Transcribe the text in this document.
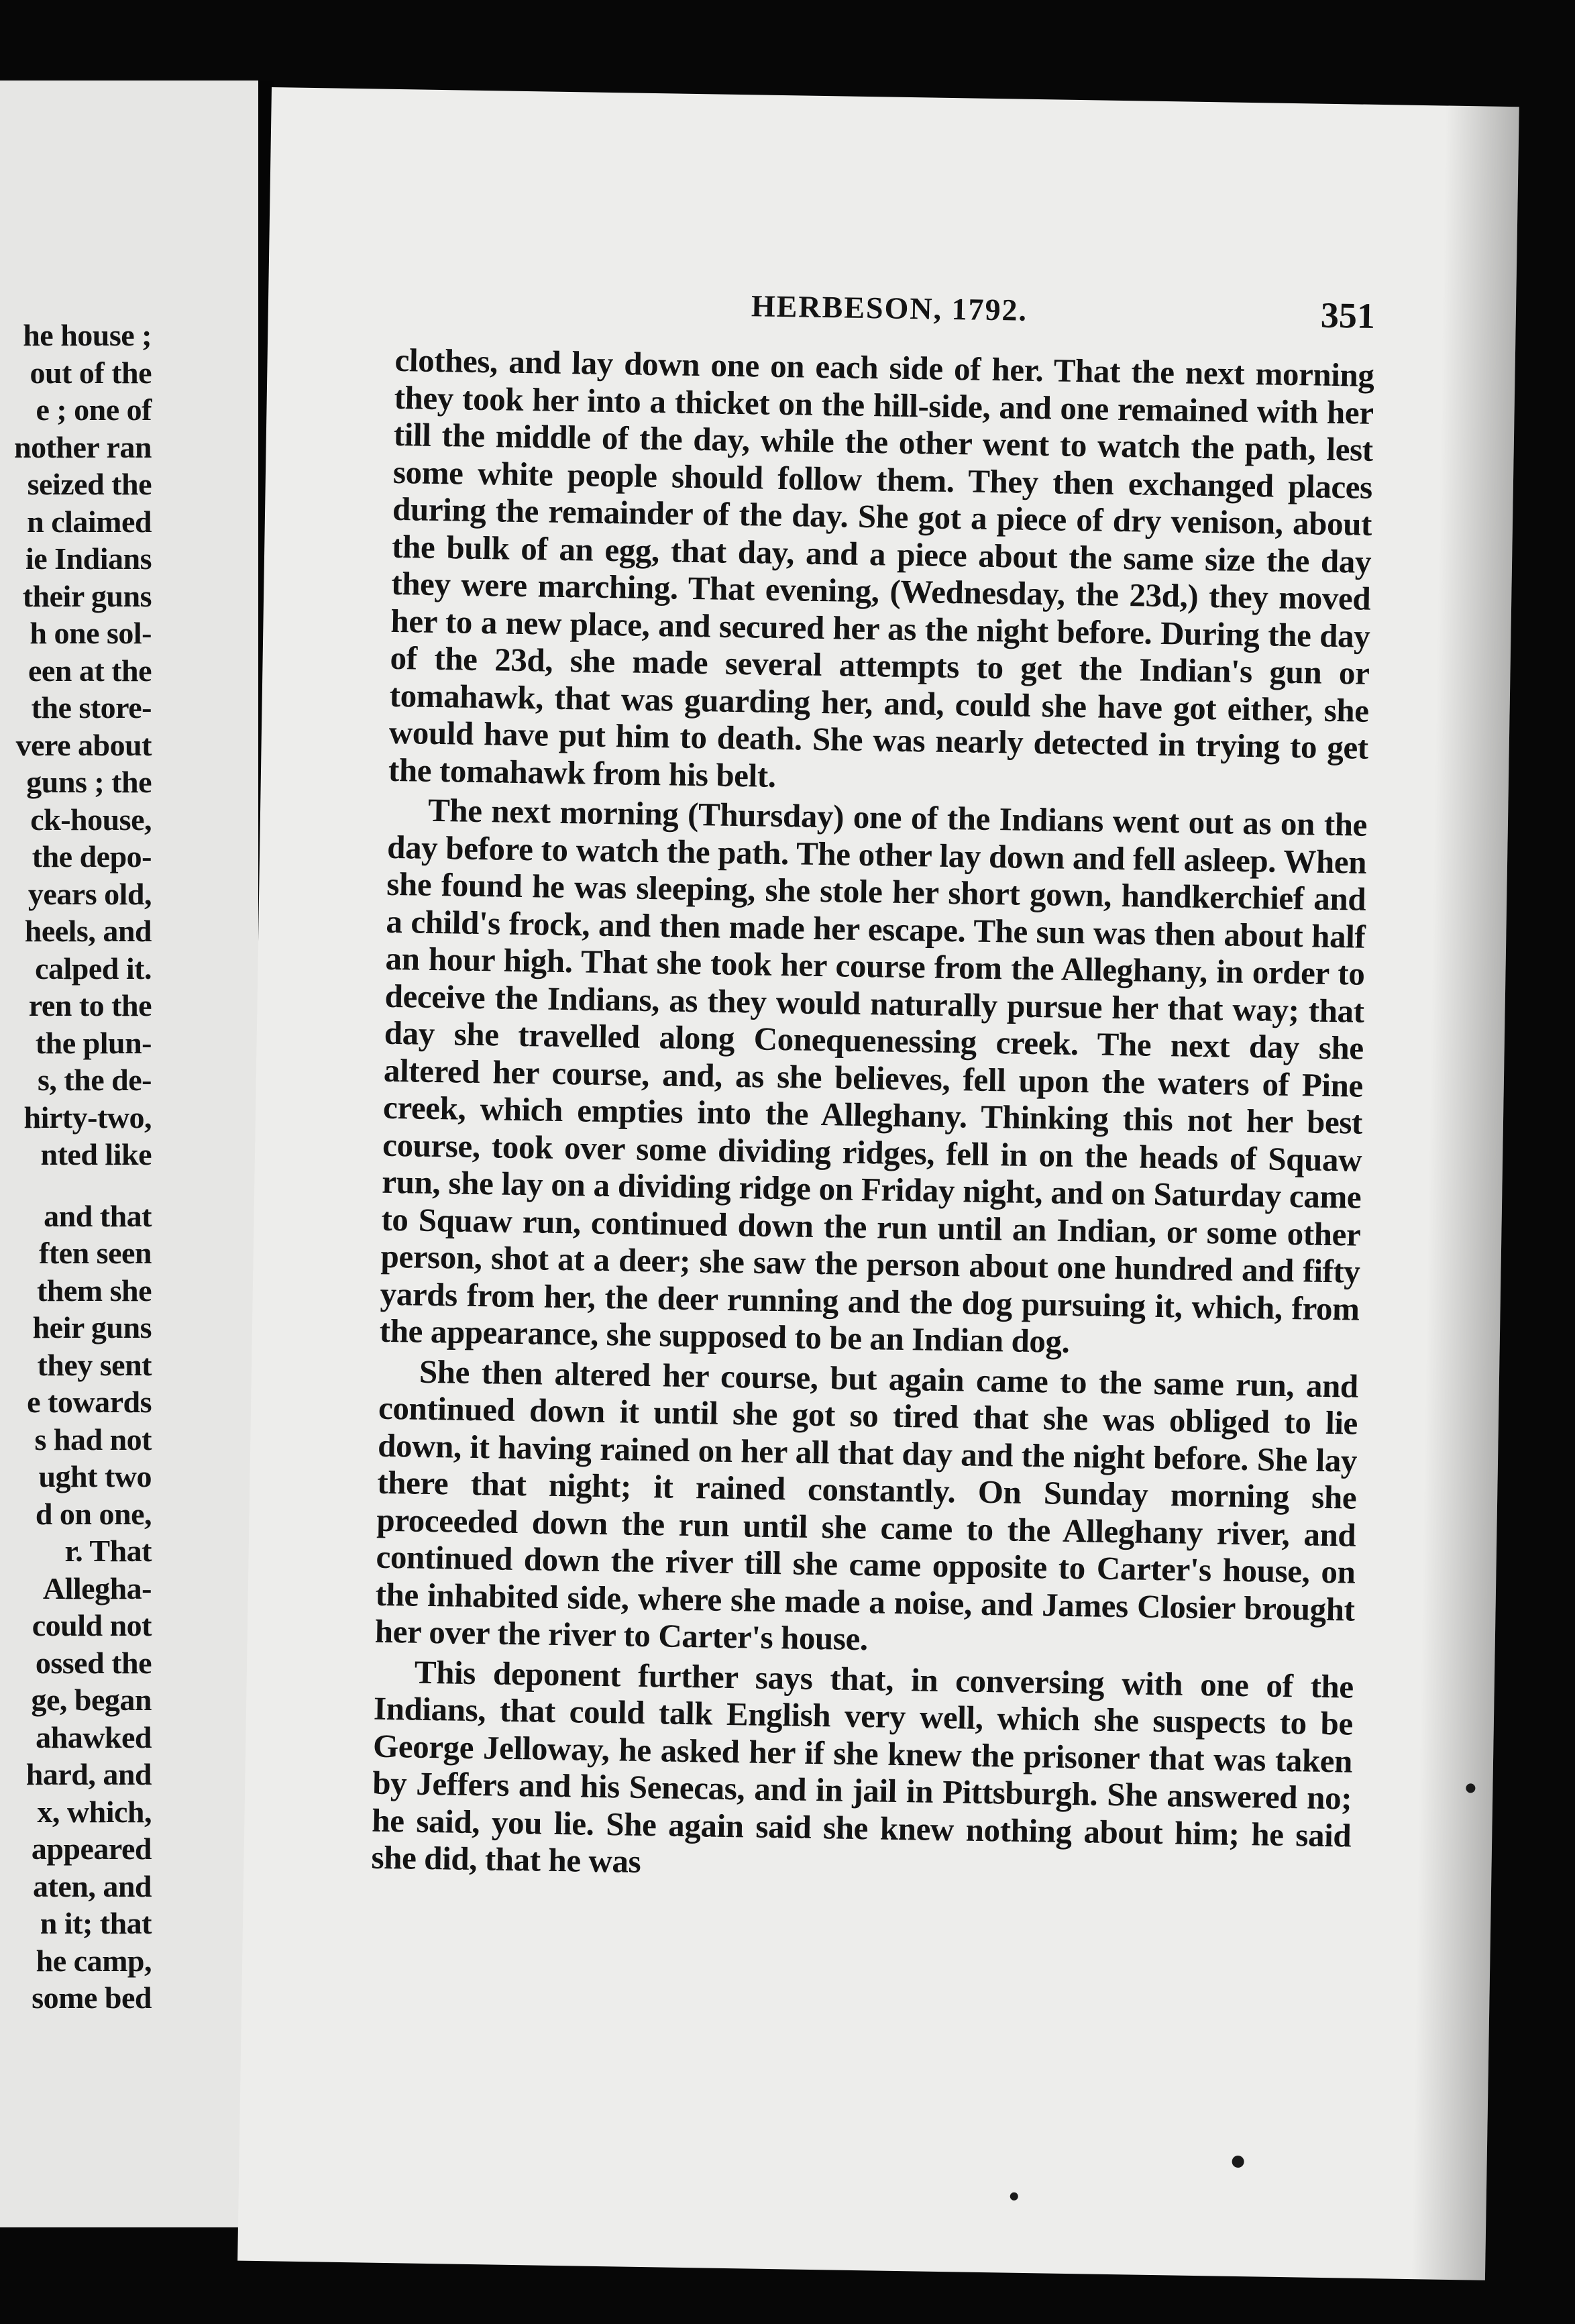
he house ;
out of the
e ; one of
nother ran
seized the
n claimed
ie Indians
their guns
h one sol-
een at the
the store-
vere about
guns ; the
ck-house,
the depo-
years old,
heels, and
calped it.
ren to the
the plun-
s, the de-
hirty-two,
nted like
and that
ften seen
them she
heir guns
they sent
e towards
s had not
ught two
d on one,
r. That
Allegha-
could not
ossed the
ge, began
ahawked
hard, and
x, which,
appeared
aten, and
n it; that
he camp,
some bed
HERBESON, 1792.	351

clothes, and lay down one on each side of her. That the next morning they took her into a thicket on the hill-side, and one remained with her till the middle of the day, while the other went to watch the path, lest some white people should follow them. They then exchanged places during the remainder of the day. She got a piece of dry venison, about the bulk of an egg, that day, and a piece about the same size the day they were marching. That evening, (Wednesday, the 23d,) they moved her to a new place, and secured her as the night before. During the day of the 23d, she made several attempts to get the Indian's gun or tomahawk, that was guarding her, and, could she have got either, she would have put him to death. She was nearly detected in trying to get the tomahawk from his belt.

The next morning (Thursday) one of the Indians went out as on the day before to watch the path. The other lay down and fell asleep. When she found he was sleeping, she stole her short gown, handkerchief and a child's frock, and then made her escape. The sun was then about half an hour high. That she took her course from the Alleghany, in order to deceive the Indians, as they would naturally pursue her that way; that day she travelled along Conequenessing creek. The next day she altered her course, and, as she believes, fell upon the waters of Pine creek, which empties into the Alleghany. Thinking this not her best course, took over some dividing ridges, fell in on the heads of Squaw run, she lay on a dividing ridge on Friday night, and on Saturday came to Squaw run, continued down the run until an Indian, or some other person, shot at a deer; she saw the person about one hundred and fifty yards from her, the deer running and the dog pursuing it, which, from the appearance, she supposed to be an Indian dog.

She then altered her course, but again came to the same run, and continued down it until she got so tired that she was obliged to lie down, it having rained on her all that day and the night before. She lay there that night; it rained constantly. On Sunday morning she proceeded down the run until she came to the Alleghany river, and continued down the river till she came opposite to Carter's house, on the inhabited side, where she made a noise, and James Closier brought her over the river to Carter's house.

This deponent further says that, in conversing with one of the Indians, that could talk English very well, which she suspects to be George Jelloway, he asked her if she knew the prisoner that was taken by Jeffers and his Senecas, and in jail in Pittsburgh. She answered no; he said, you lie. She again said she knew nothing about him; he said she did, that he was
